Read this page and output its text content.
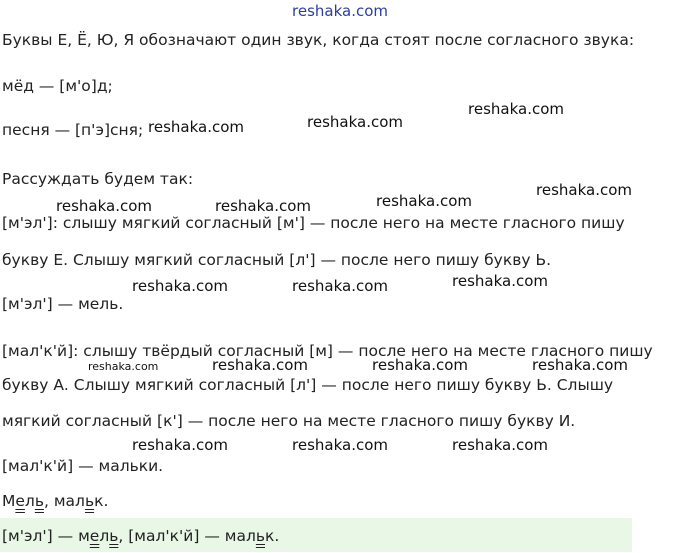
reshaka.com
Буквы Е, Ё, Ю, Я обозначают один звук, когда стоят после согласного звука:
мёд — [м'о]д;
песня — [п'э]сня; reshaka.com	reshaka.com
reshaka.com
Рассуждать будем так:
reshaka.com	reshaka.com	reshaka.com
reshaka.com
[м'эл']: слышу мягкий согласный [м'] — после него на месте гласного пишу
букву Е. Слышу мягкий согласный [л'] — после него пишу букву Ь.
reshaka.com	reshaka.com	reshaka.com
[м'эл'] — мель.
[мал'к'й]: слышу твёрдый согласный [м] — после него на месте гласного пишу
reshaka.com	reshaka.com	reshaka.com	reshaka.com
букву А. Слышу мягкий согласный [л'] — после него пишу букву Ь. Слышу
мягкий согласный [к'] — после него на месте гласного пишу букву И.
reshaka.com	reshaka.com	reshaka.com
[мал'к'й] — мальки.
Мель, мальк.
[м'эл'] — мель, [мал'к'й] — мальк.
